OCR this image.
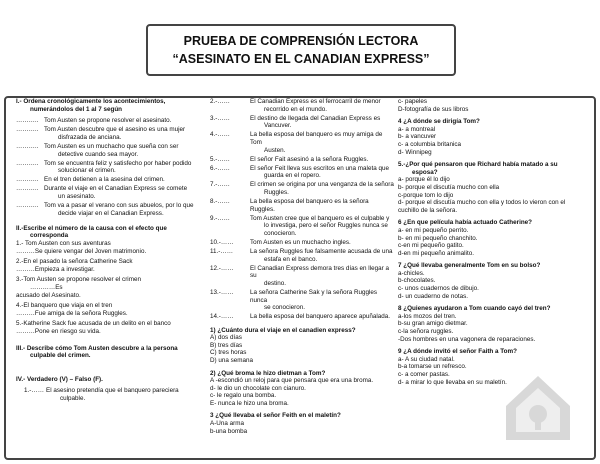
PRUEBA DE COMPRENSIÓN LECTORA
“ASESINATO EN EL CANADIAN EXPRESS”
I.- Ordena cronológicamente los acontecimientos,
numerándolos del 1 al 7 según
……….. Tom Austen se propone resolver el asesinato.
……….. Tom Austen descubre que el asesino es una mujer
disfrazada de anciana.
……….. Tom Austen es un muchacho que sueña con ser
detective cuando sea mayor.
……….. Tom se encuentra feliz y satisfecho por haber podido
solucionar el crimen.
……….. En el tren detienen a la asesina del crimen.
……….. Durante el viaje en el Canadian Express se comete
un asesinato.
……….. Tom va a pasar el verano con sus abuelos, por lo que
decide viajar en el Canadian Express.
II.-Escribe el número de la causa con el efecto que
corresponda
1.- Tom Austen con sus aventuras
………Se quiere vengar del Joven matrimonio.
2.-En el pasado la señora Catherine Sack
………Empieza a investigar.
3.-Tom Austen se propone resolver el crimen
…………Es
acusado del Asesinato.
4.-El banquero que viaja en el tren
………Fue amiga de la señora Ruggles.
5.-Katherine Sack fue acusada de un delito en el banco
………Pone en riesgo su vida.
III.- Describe cómo Tom Austen descubre a la persona
culpable del crimen.
IV.- Verdadero (V) – Falso (F).
1.-…… El asesino pretendía que el banquero pareciera
culpable.
2.-……	El Canadian Express es el ferrocarril de menor
recorrido en el mundo.
3.-……	El destino de llegada del Canadian Express es
Vancuver.
4.-……	La bella esposa del banquero es muy amiga de Tom
Austen.
5.-……	El señor Fait asesinó a la señora Ruggles.
6.-……	El señor Feit lleva sus escritos en una maleta que
guarda en el ropero.
7.-……	El crimen se origina por una venganza de la señora
Ruggles.
8.-……	La bella esposa del banquero es la señora Ruggles.
9.-……	Tom Austen cree que el banquero es el culpable y
lo investiga, pero el señor Ruggles nunca se
conocieron.
10.-……	Tom Austen es un muchacho ingles.
11.-……	La señora Ruggles fue falsamente acusada de una
estafa en el banco.
12.-……	El Canadian Express demora tres días en llegar a su
destino.
13.-……	La señora Catherine Sak y la señora Ruggles nunca
se conocieron.
14.-……	La bella esposa del banquero aparece apuñalada.
1) ¿Cuánto dura el viaje en el canadien express?
A) dos días
B) tres días
C) tres horas
D) una semana
2) ¿Qué broma le hizo dietman a Tom?
A -escondió un reloj para que pensara que era una broma.
d- le dio un chocolate con cianuro.
c- le regalo una bomba.
E- nunca le hizo una broma.
3 ¿Qué llevaba el señor Feith en el maletín?
A-Una arma
b-una bomba
c- papeles
D-fotografía de sus libros
4 ¿A dónde se dirigía Tom?
a- a montreal
b- a vancuver
c- a columbia britanica
d- Winnipeg
5.-¿Por qué pensaron que Richard había matado a su
esposa?
a- porque él lo dijo
b- porque el discutía mucho con ella
c-porque tom lo dijo
d- porque el discutía mucho con ella y todos lo vieron con el cuchillo de la señora.
6 ¿En que película había actuado Catherine?
a- en mi pequeño perrito.
b- en mi pequeño chanchito.
c-en mi pequeño gatito.
d-en mi pequeño animalito.
7 ¿Qué llevaba generalmente Tom en su bolso?
a-chicles.
b-chocolates.
c- unos cuadernos de dibujo.
d- un cuaderno de notas.
8 ¿Quienes ayudaron a Tom cuando cayó del tren?
a-los mozos del tren.
b-su gran amigo dietmar.
c-la señora ruggles.
-Dos hombres en una vagonera de reparaciones.
9 ¿A dónde invitó el señor Faith a Tom?
a- A su ciudad natal.
b-a tomarse un refresco.
c- a comer pastas.
d- a mirar lo que llevaba en su maletín.
